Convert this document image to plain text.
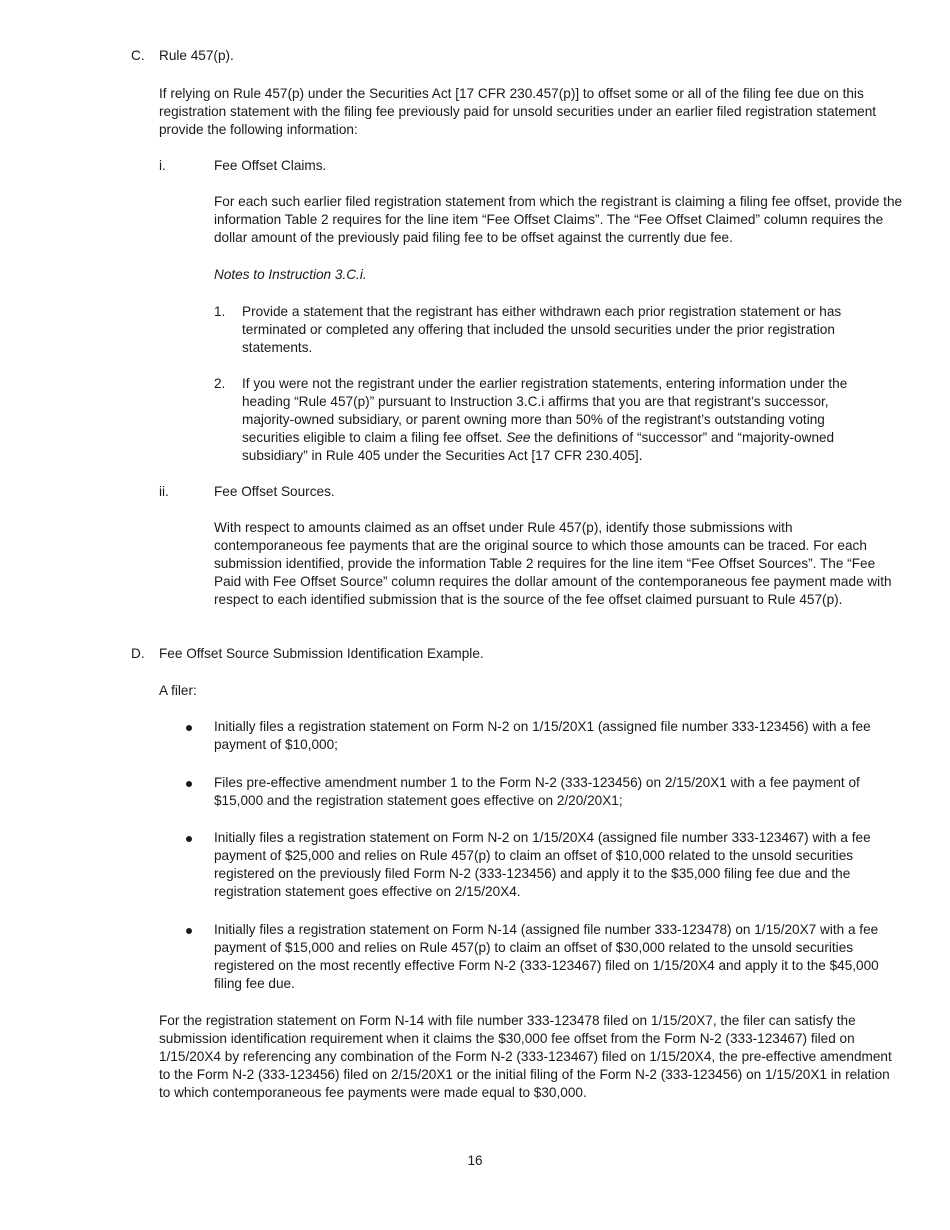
C. Rule 457(p).
If relying on Rule 457(p) under the Securities Act [17 CFR 230.457(p)] to offset some or all of the filing fee due on this registration statement with the filing fee previously paid for unsold securities under an earlier filed registration statement provide the following information:
i.	Fee Offset Claims.
For each such earlier filed registration statement from which the registrant is claiming a filing fee offset, provide the information Table 2 requires for the line item “Fee Offset Claims”. The “Fee Offset Claimed” column requires the dollar amount of the previously paid filing fee to be offset against the currently due fee.
Notes to Instruction 3.C.i.
1. Provide a statement that the registrant has either withdrawn each prior registration statement or has terminated or completed any offering that included the unsold securities under the prior registration statements.
2. If you were not the registrant under the earlier registration statements, entering information under the heading “Rule 457(p)” pursuant to Instruction 3.C.i affirms that you are that registrant’s successor, majority-owned subsidiary, or parent owning more than 50% of the registrant’s outstanding voting securities eligible to claim a filing fee offset. See the definitions of “successor” and “majority-owned subsidiary” in Rule 405 under the Securities Act [17 CFR 230.405].
ii.	Fee Offset Sources.
With respect to amounts claimed as an offset under Rule 457(p), identify those submissions with contemporaneous fee payments that are the original source to which those amounts can be traced. For each submission identified, provide the information Table 2 requires for the line item “Fee Offset Sources”. The “Fee Paid with Fee Offset Source” column requires the dollar amount of the contemporaneous fee payment made with respect to each identified submission that is the source of the fee offset claimed pursuant to Rule 457(p).
D. Fee Offset Source Submission Identification Example.
A filer:
Initially files a registration statement on Form N-2 on 1/15/20X1 (assigned file number 333-123456) with a fee payment of $10,000;
Files pre-effective amendment number 1 to the Form N-2 (333-123456) on 2/15/20X1 with a fee payment of $15,000 and the registration statement goes effective on 2/20/20X1;
Initially files a registration statement on Form N-2 on 1/15/20X4 (assigned file number 333-123467) with a fee payment of $25,000 and relies on Rule 457(p) to claim an offset of $10,000 related to the unsold securities registered on the previously filed Form N-2 (333-123456) and apply it to the $35,000 filing fee due and the registration statement goes effective on 2/15/20X4.
Initially files a registration statement on Form N-14 (assigned file number 333-123478) on 1/15/20X7 with a fee payment of $15,000 and relies on Rule 457(p) to claim an offset of $30,000 related to the unsold securities registered on the most recently effective Form N-2 (333-123467) filed on 1/15/20X4 and apply it to the $45,000 filing fee due.
For the registration statement on Form N-14 with file number 333-123478 filed on 1/15/20X7, the filer can satisfy the submission identification requirement when it claims the $30,000 fee offset from the Form N-2 (333-123467) filed on 1/15/20X4 by referencing any combination of the Form N-2 (333-123467) filed on 1/15/20X4, the pre-effective amendment to the Form N-2 (333-123456) filed on 2/15/20X1 or the initial filing of the Form N-2 (333-123456) on 1/15/20X1 in relation to which contemporaneous fee payments were made equal to $30,000.
16
